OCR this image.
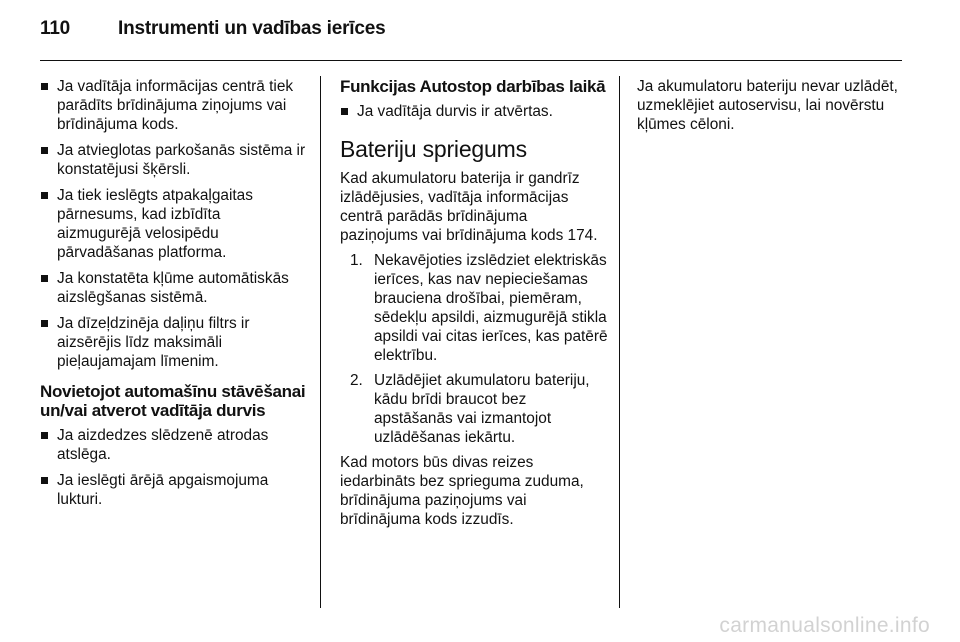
110	Instrumenti un vadības ierīces
Ja vadītāja informācijas centrā tiek parādīts brīdinājuma ziņojums vai brīdinājuma kods.
Ja atvieglotas parkošanās sistēma ir konstatējusi šķērsli.
Ja tiek ieslēgts atpakaļgaitas pārnesums, kad izbīdīta aizmugurējā velosipēdu pārvadāšanas platforma.
Ja konstatēta kļūme automātiskās aizslēgšanas sistēmā.
Ja dīzeļdzinēja daļiņu filtrs ir aizsērējis līdz maksimāli pieļaujamajam līmenim.
Novietojot automašīnu stāvēšanai un/vai atverot vadītāja durvis
Ja aizdedzes slēdzenē atrodas atslēga.
Ja ieslēgti ārējā apgaismojuma lukturi.
Funkcijas Autostop darbības laikā
Ja vadītāja durvis ir atvērtas.
Bateriju spriegums

Kad akumulatoru baterija ir gandrīz izlādējusies, vadītāja informācijas centrā parādās brīdinājuma paziņojums vai brīdinājuma kods 174.

1. Nekavējoties izslēdziet elektriskās ierīces, kas nav nepieciešamas brauciena drošībai, piemēram, sēdekļu apsildi, aizmugurējā stikla apsildi vai citas ierīces, kas patērē elektrību.
2. Uzlādējiet akumulatoru bateriju, kādu brīdi braucot bez apstāšanās vai izmantojot uzlādēšanas iekārtu.

Kad motors būs divas reizes iedarbināts bez sprieguma zuduma, brīdinājuma paziņojums vai brīdinājuma kods izzudīs.

Ja akumulatoru bateriju nevar uzlādēt, uzmeklējiet autoservisu, lai novērstu kļūmes cēloni.

carmanualsonline.info
